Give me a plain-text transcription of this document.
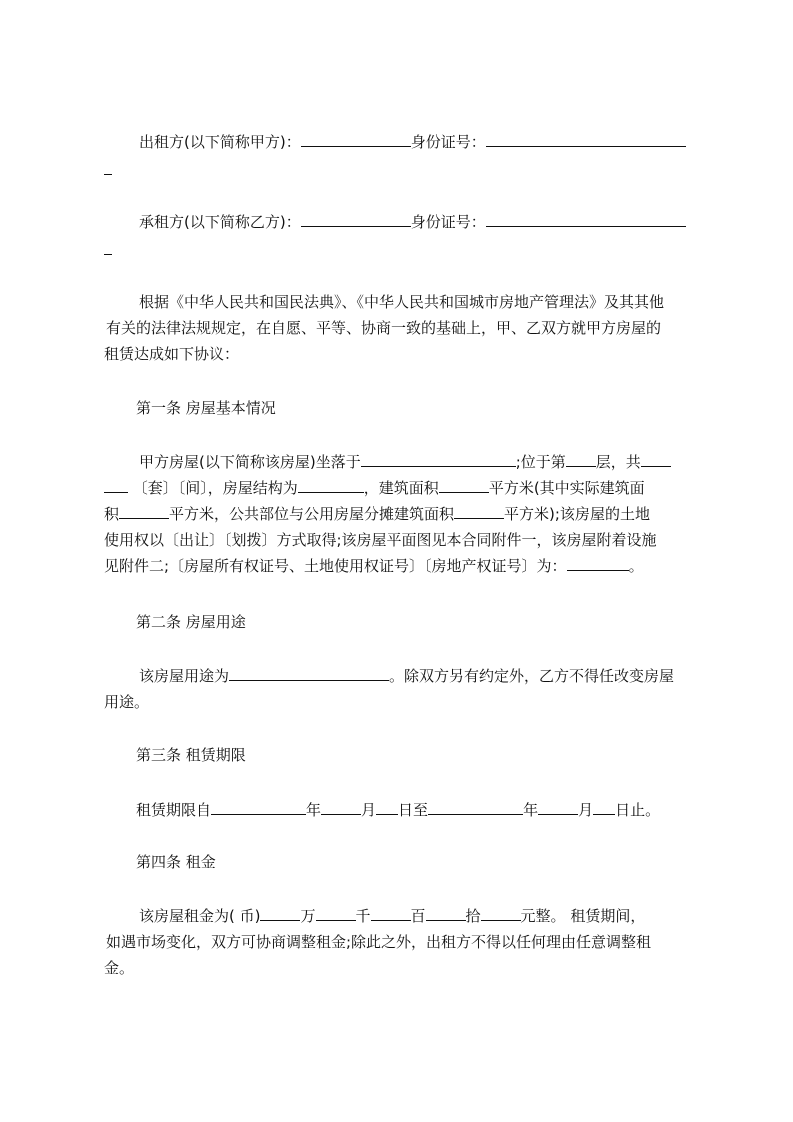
出租方(以下简称甲方)：	身份证号：
承租方(以下简称乙方)：	身份证号：
根据《中华人民共和国民法典》、《中华人民共和国城市房地产管理法》及其其他
有关的法律法规规定，在自愿、平等、协商一致的基础上，甲、乙双方就甲方房屋的
租赁达成如下协议：
第一条 房屋基本情况
甲方房屋(以下简称该房屋)坐落于	;位于第 层，共
〔套〕〔间〕，房屋结构为	，建筑面积	平方米(其中实际建筑面
积	平方米，公共部位与公用房屋分摊建筑面积	平方米);该房屋的土地
使用权以〔出让〕〔划拨〕方式取得;该房屋平面图见本合同附件一，该房屋附着设施
见附件二;〔房屋所有权证号、土地使用权证号〕〔房地产权证号〕为：	。
第二条 房屋用途
该房屋用途为	。除双方另有约定外，乙方不得任改变房屋
用途。
第三条 租赁期限
租赁期限自	年	月 日至	年	月 日止。
第四条 租金
该房屋租金为( 币)	万	千	百	拾	元整。 租赁期间，
如遇市场变化，双方可协商调整租金;除此之外，出租方不得以任何理由任意调整租
金。
